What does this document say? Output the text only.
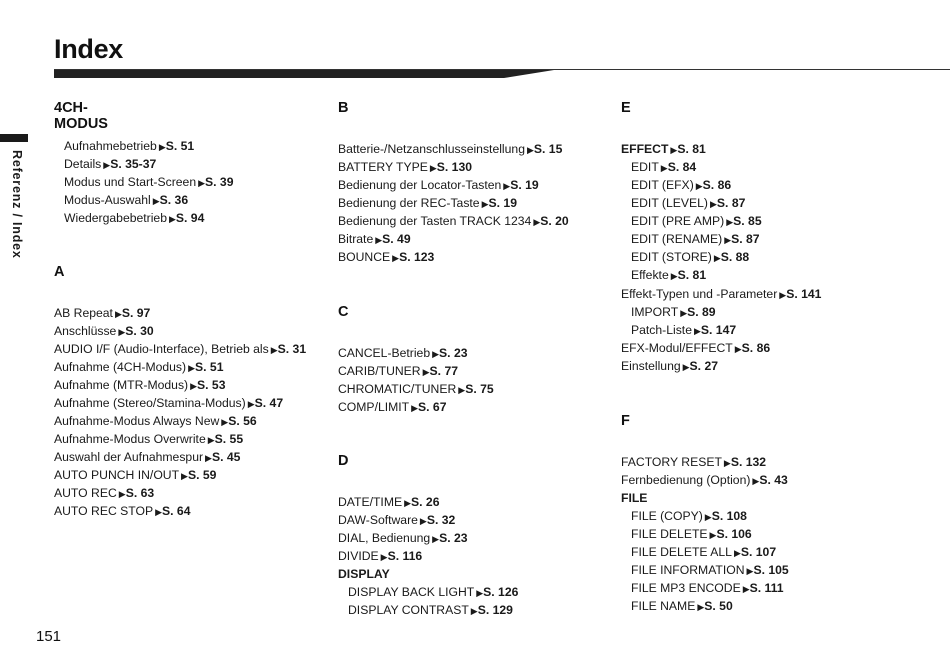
Index
Referenz / Index
4CH-MODUS
Aufnahmebetrieb ▶S. 51
Details ▶S. 35-37
Modus und Start-Screen ▶S. 39
Modus-Auswahl ▶S. 36
Wiedergabebetrieb ▶S. 94
A
AB Repeat ▶S. 97
Anschlüsse ▶S. 30
AUDIO I/F (Audio-Interface), Betrieb als ▶S. 31
Aufnahme (4CH-Modus) ▶S. 51
Aufnahme (MTR-Modus) ▶S. 53
Aufnahme (Stereo/Stamina-Modus) ▶S. 47
Aufnahme-Modus Always New ▶S. 56
Aufnahme-Modus Overwrite ▶S. 55
Auswahl der Aufnahmespur ▶S. 45
AUTO PUNCH IN/OUT ▶S. 59
AUTO REC ▶S. 63
AUTO REC STOP ▶S. 64
B
Batterie-/Netzanschlusseinstellung ▶S. 15
BATTERY TYPE ▶S. 130
Bedienung der Locator-Tasten ▶S. 19
Bedienung der REC-Taste ▶S. 19
Bedienung der Tasten TRACK 1234 ▶S. 20
Bitrate ▶S. 49
BOUNCE ▶S. 123
C
CANCEL-Betrieb ▶S. 23
CARIB/TUNER ▶S. 77
CHROMATIC/TUNER ▶S. 75
COMP/LIMIT ▶S. 67
D
DATE/TIME ▶S. 26
DAW-Software ▶S. 32
DIAL, Bedienung ▶S. 23
DIVIDE ▶S. 116
DISPLAY
DISPLAY BACK LIGHT ▶S. 126
DISPLAY CONTRAST ▶S. 129
E
EFFECT ▶S. 81
EDIT ▶S. 84
EDIT (EFX) ▶S. 86
EDIT (LEVEL) ▶S. 87
EDIT (PRE AMP) ▶S. 85
EDIT (RENAME) ▶S. 87
EDIT (STORE) ▶S. 88
Effekte ▶S. 81
Effekt-Typen und -Parameter ▶S. 141
IMPORT ▶S. 89
Patch-Liste ▶S. 147
EFX-Modul/EFFECT ▶S. 86
Einstellung ▶S. 27
F
FACTORY RESET ▶S. 132
Fernbedienung (Option) ▶S. 43
FILE
FILE (COPY) ▶S. 108
FILE DELETE ▶S. 106
FILE DELETE ALL ▶S. 107
FILE INFORMATION ▶S. 105
FILE MP3 ENCODE ▶S. 111
FILE NAME ▶S. 50
151
